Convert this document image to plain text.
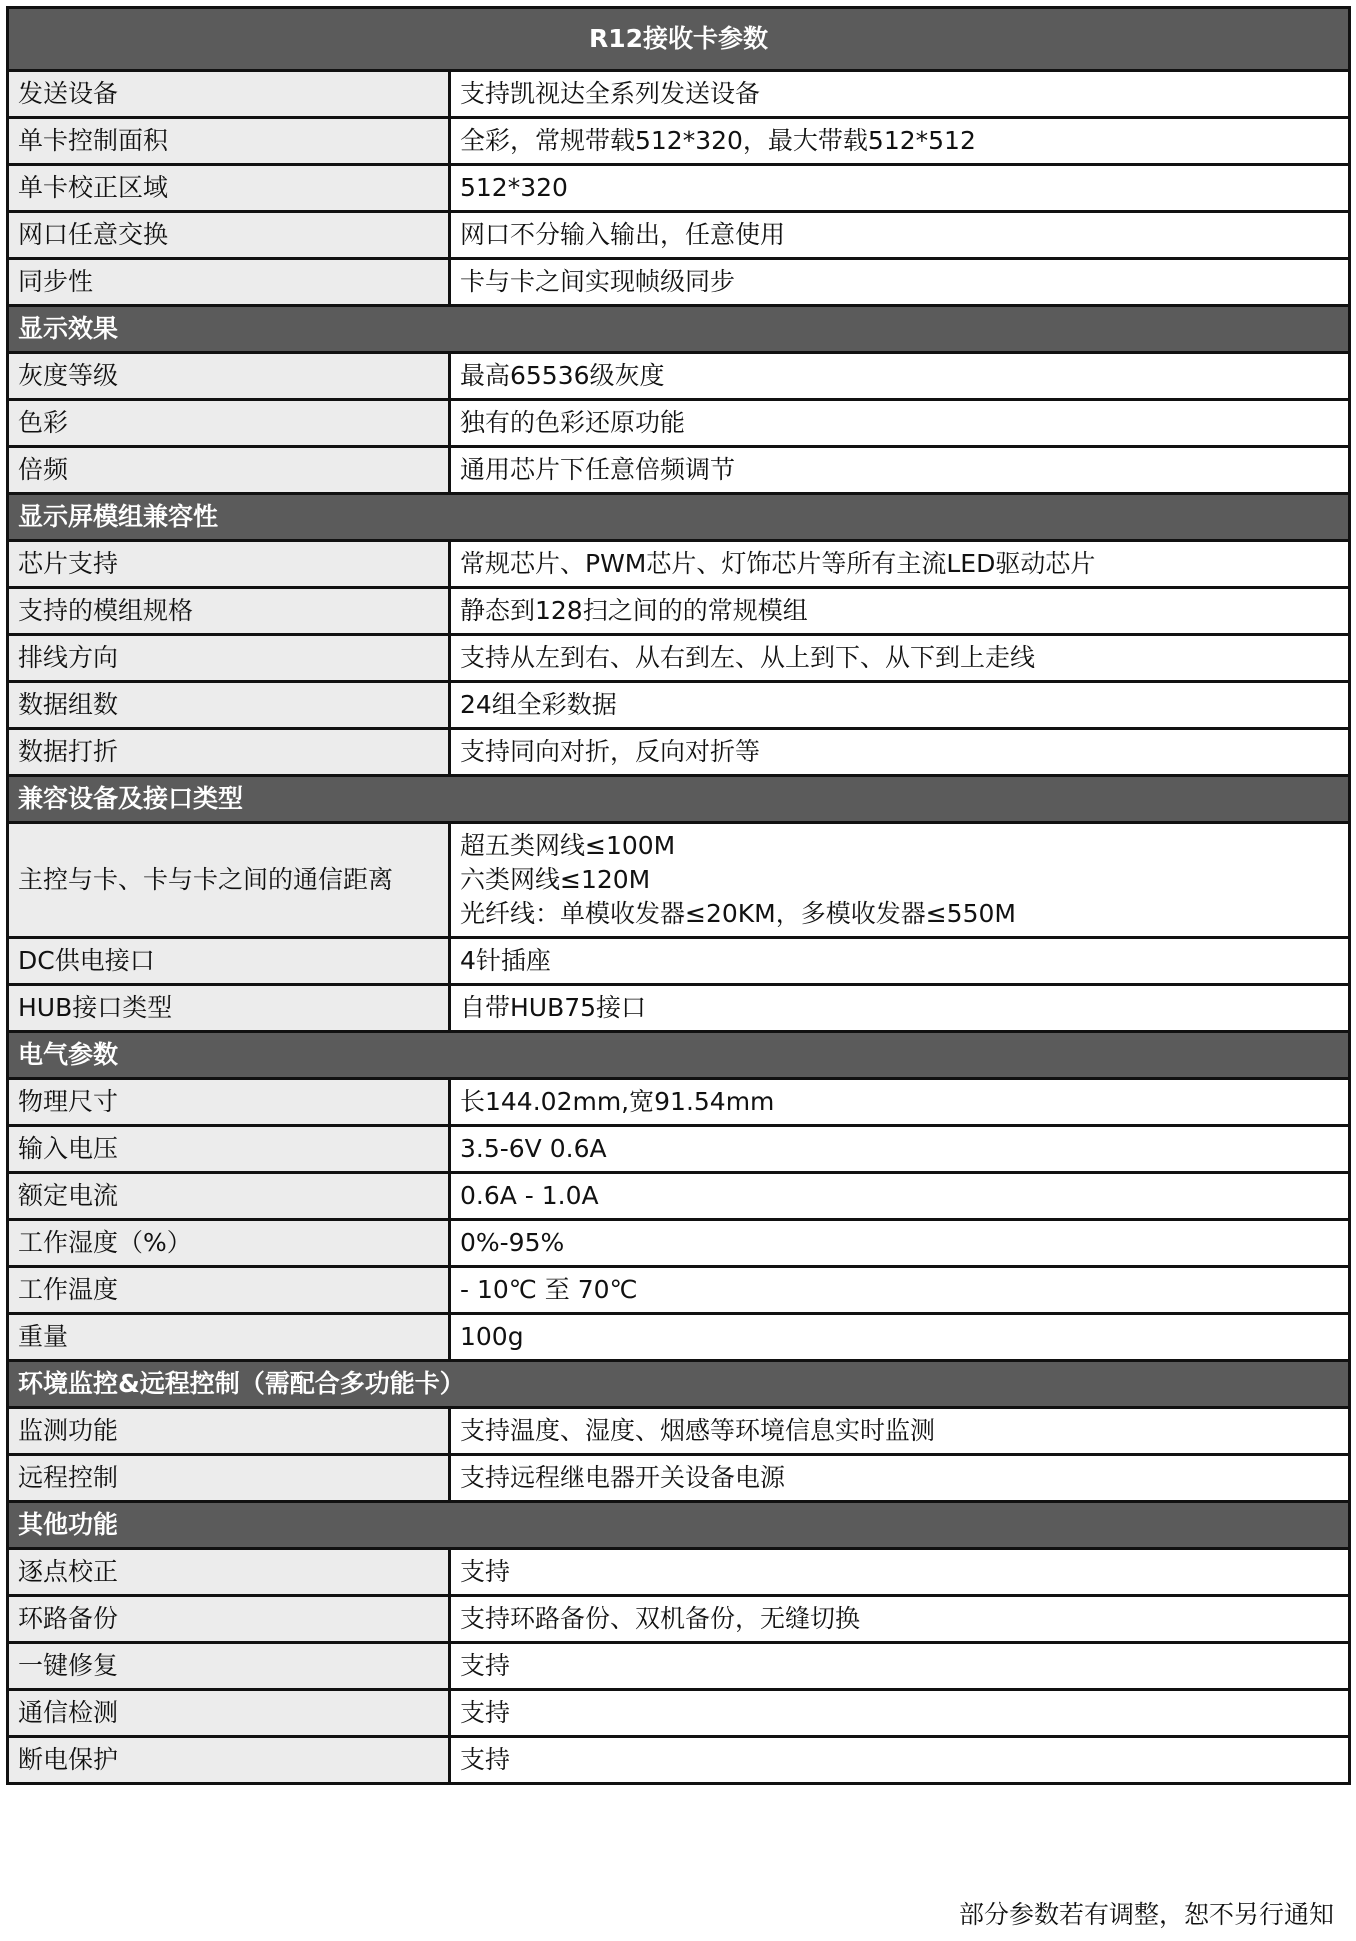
R12接收卡参数	
发送设备	支持凯视达全系列发送设备
单卡控制面积	全彩，常规带载512*320，最大带载512*512
单卡校正区域	512*320
网口任意交换	网口不分输入输出，任意使用
同步性	卡与卡之间实现帧级同步
显示效果	
灰度等级	最高65536级灰度
色彩	独有的色彩还原功能
倍频	通用芯片下任意倍频调节
显示屏模组兼容性	
芯片支持	常规芯片、PWM芯片、灯饰芯片等所有主流LED驱动芯片
支持的模组规格	静态到128扫之间的的常规模组
排线方向	支持从左到右、从右到左、从上到下、从下到上走线
数据组数	24组全彩数据
数据打折	支持同向对折，反向对折等
兼容设备及接口类型	
主控与卡、卡与卡之间的通信距离	超五类网线≤100M
六类网线≤120M
光纤线：单模收发器≤20KM，多模收发器≤550M

DC供电接口	4针插座
HUB接口类型	自带HUB75接口
电气参数	
物理尺寸	长144.02mm,宽91.54mm
输入电压	3.5-6V 0.6A
额定电流	0.6A - 1.0A
工作湿度（%）	0%-95%
工作温度	- 10℃ 至 70℃
重量	100g
环境监控&远程控制（需配合多功能卡）	
监测功能	支持温度、湿度、烟感等环境信息实时监测
远程控制	支持远程继电器开关设备电源
其他功能	
逐点校正	支持
环路备份	支持环路备份、双机备份，无缝切换
一键修复	支持
通信检测	支持
断电保护	支持
部分参数若有调整，恕不另行通知
